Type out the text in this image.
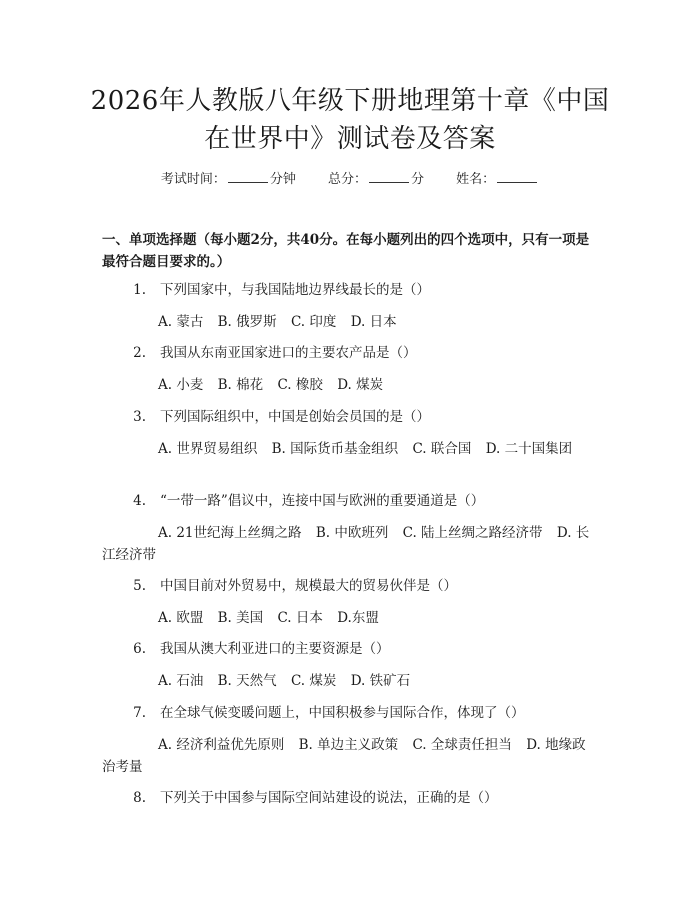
2026年人教版八年级下册地理第十章《中国
在世界中》测试卷及答案
考试时间：	分钟 总分：	分 姓名：
一、单项选择题（每小题2分，共40分。在每小题列出的四个选项中，只有一项是最符合题目要求的。）
1. 下列国家中，与我国陆地边界线最长的是（）
A. 蒙古 B. 俄罗斯 C. 印度 D. 日本
2. 我国从东南亚国家进口的主要农产品是（）
A. 小麦 B. 棉花 C. 橡胶 D. 煤炭
3. 下列国际组织中，中国是创始会员国的是（）
A. 世界贸易组织 B. 国际货币基金组织 C. 联合国 D. 二十国集团
4. “一带一路”倡议中，连接中国与欧洲的重要通道是（）
A. 21世纪海上丝绸之路 B. 中欧班列 C. 陆上丝绸之路经济带 D. 长江经济带
5. 中国目前对外贸易中，规模最大的贸易伙伴是（）
A. 欧盟 B. 美国 C. 日本 D.东盟
6. 我国从澳大利亚进口的主要资源是（）
A. 石油 B. 天然气 C. 煤炭 D. 铁矿石
7. 在全球气候变暖问题上，中国积极参与国际合作，体现了（）
A. 经济利益优先原则 B. 单边主义政策 C. 全球责任担当 D. 地缘政治考量
8. 下列关于中国参与国际空间站建设的说法，正确的是（）
